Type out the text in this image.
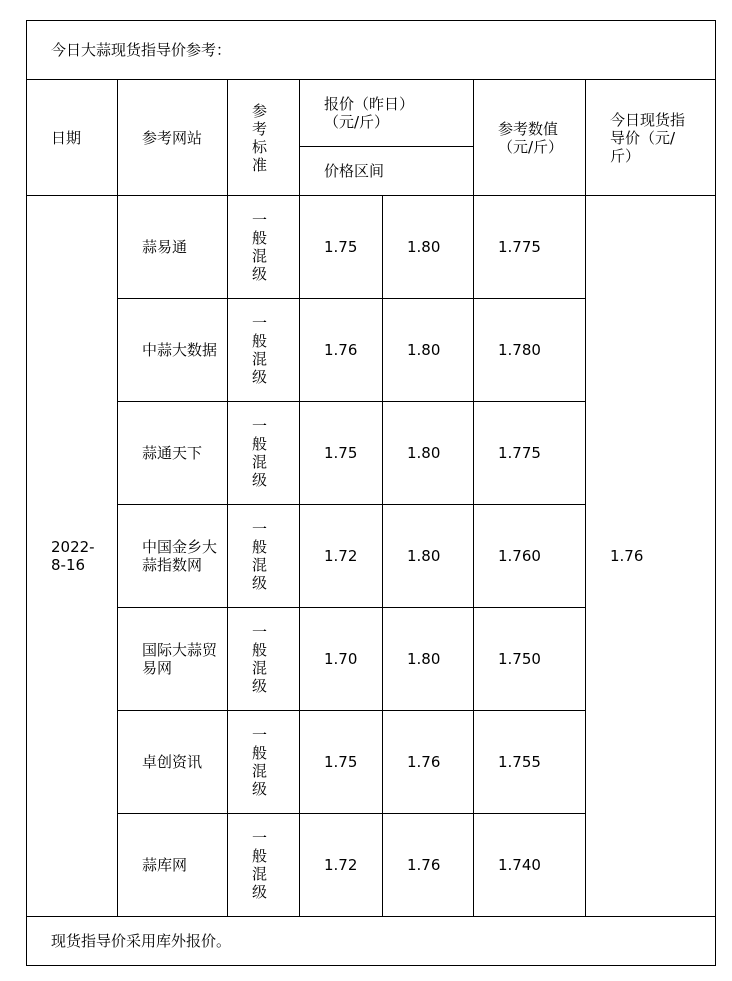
今日大蒜现货指导价参考：						
日期	参考网站	参考标准	报价（昨日）（元/斤）		参考数值（元/斤）	今日现货指导价（元/斤）
			价格区间			
2022-8-16	蒜易通	一般混级	1.75	1.80	1.775	1.76
	中蒜大数据	一般混级	1.76	1.80	1.780	
	蒜通天下	一般混级	1.75	1.80	1.775	
	中国金乡大蒜指数网	一般混级	1.72	1.80	1.760	
	国际大蒜贸易网	一般混级	1.70	1.80	1.750	
	卓创资讯	一般混级	1.75	1.76	1.755	
	蒜库网	一般混级	1.72	1.76	1.740	
现货指导价采用库外报价。						
